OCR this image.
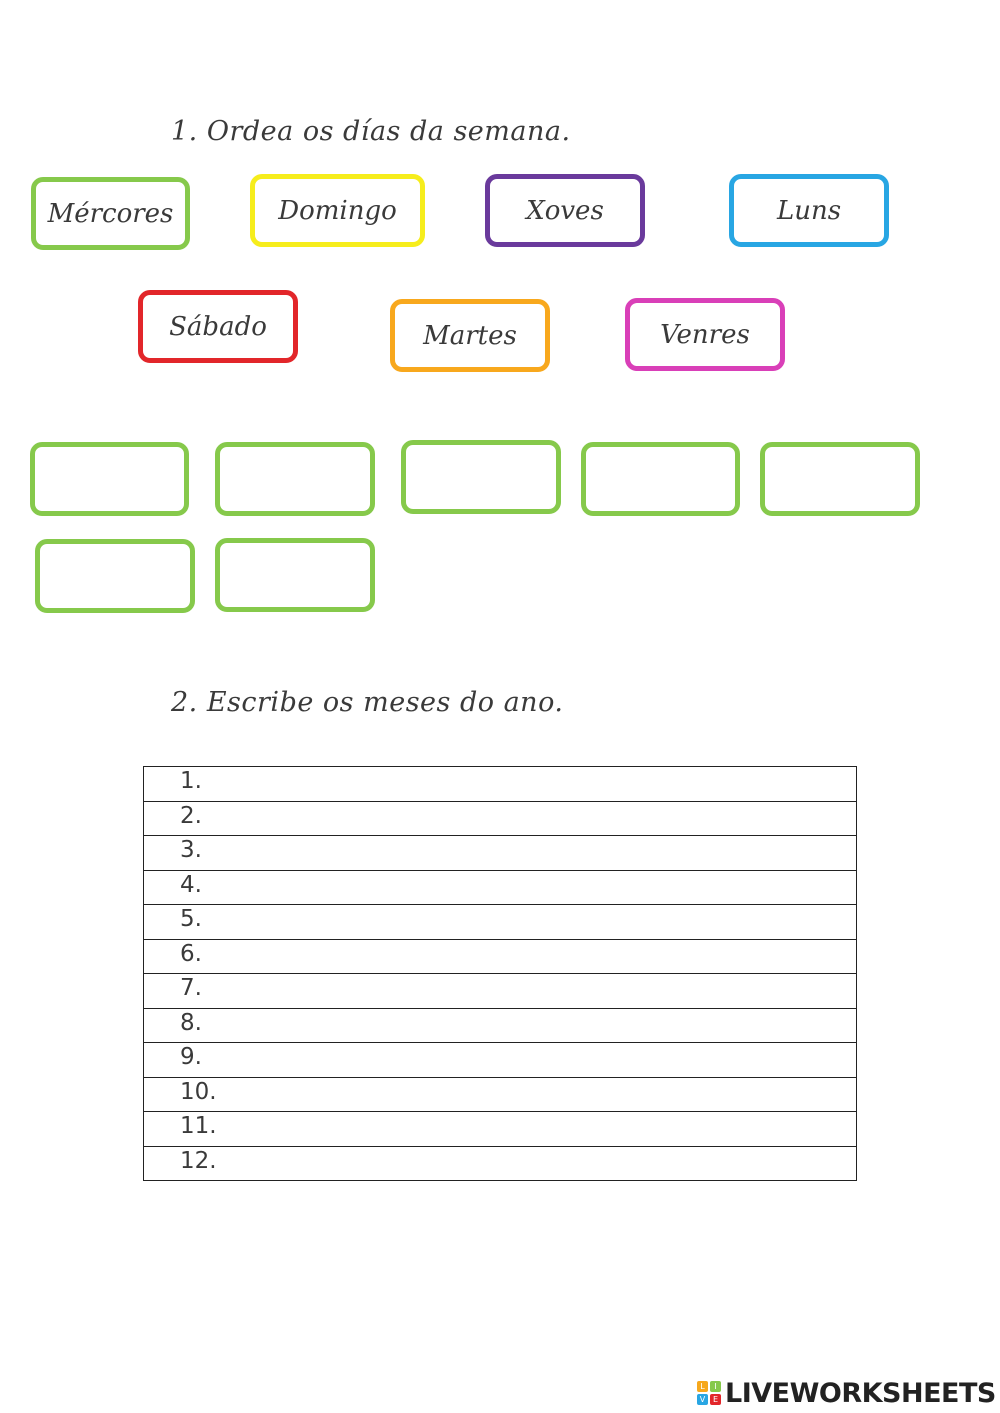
1. Ordea os días da semana.
Mércores	Domingo	Xoves	Luns
Sábado	Martes	Venres
2. Escribe os meses do ano.
1.

2.

3.

4.

5.

6.

7.

8.

9.

10.

11.

12.
L	I
V E LIVEWORKSHEETS
